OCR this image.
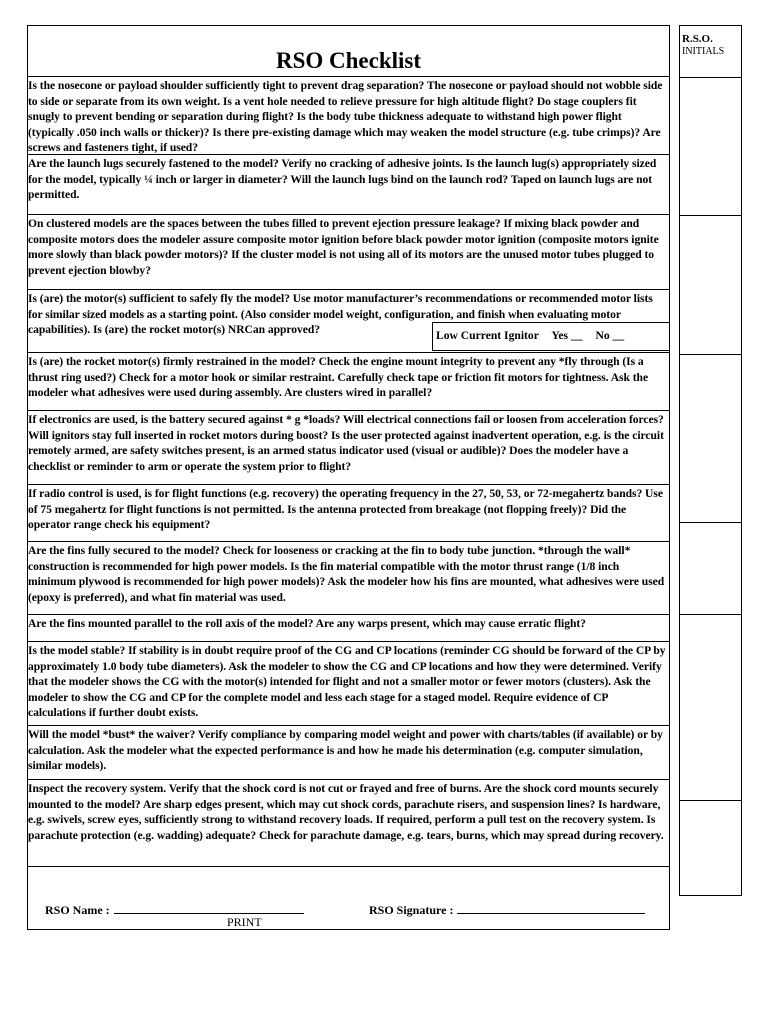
RSO Checklist
R.S.O.
INITIALS
Is the nosecone or payload shoulder sufficiently tight to prevent drag separation? The nosecone or payload should not wobble side to side or separate from its own weight. Is a vent hole needed to relieve pressure for high altitude flight? Do stage couplers fit snugly to prevent bending or separation during flight? Is the body tube thickness adequate to withstand high power flight (typically .050 inch walls or thicker)? Is there pre-existing damage which may weaken the model structure (e.g. tube crimps)? Are screws and fasteners tight, if used?
Are the launch lugs securely fastened to the model? Verify no cracking of adhesive joints. Is the launch lug(s) appropriately sized for the model, typically ¼ inch or larger in diameter? Will the launch lugs bind on the launch rod? Taped on launch lugs are not permitted.
On clustered models are the spaces between the tubes filled to prevent ejection pressure leakage? If mixing black powder and composite motors does the modeler assure composite motor ignition before black powder motor ignition (composite motors ignite more slowly than black powder motors)? If the cluster model is not using all of its motors are the unused motor tubes plugged to prevent ejection blowby?
Is (are) the motor(s) sufficient to safely fly the model? Use motor manufacturer’s recommendations or recommended motor lists for similar sized models as a starting point. (Also consider model weight, configuration, and finish when evaluating motor capabilities). Is (are) the rocket motor(s) NRCan approved?
Is (are) the rocket motor(s) firmly restrained in the model? Check the engine mount integrity to prevent any *fly through (Is a thrust ring used?) Check for a motor hook or similar restraint. Carefully check tape or friction fit motors for tightness. Ask the modeler what adhesives were used during assembly. Are clusters wired in parallel?
If electronics are used, is the battery secured against * g *loads? Will electrical connections fail or loosen from acceleration forces? Will ignitors stay full inserted in rocket motors during boost? Is the user protected against inadvertent operation, e.g. is the circuit remotely armed, are safety switches present, is an armed status indicator used (visual or audible)? Does the modeler have a checklist or reminder to arm or operate the system prior to flight?
If radio control is used, is for flight functions (e.g. recovery) the operating frequency in the 27, 50, 53, or 72-megahertz bands? Use of 75 megahertz for flight functions is not permitted. Is the antenna protected from breakage (not flopping freely)? Did the operator range check his equipment?
Are the fins fully secured to the model? Check for looseness or cracking at the fin to body tube junction. *through the wall* construction is recommended for high power models. Is the fin material compatible with the motor thrust range (1/8 inch minimum plywood is recommended for high power models)? Ask the modeler how his fins are mounted, what adhesives were used (epoxy is preferred), and what fin material was used.
Are the fins mounted parallel to the roll axis of the model? Are any warps present, which may cause erratic flight?
Is the model stable? If stability is in doubt require proof of the CG and CP locations (reminder CG should be forward of the CP by approximately 1.0 body tube diameters). Ask the modeler to show the CG and CP locations and how they were determined. Verify that the modeler shows the CG with the motor(s) intended for flight and not a smaller motor or fewer motors (clusters). Ask the modeler to show the CG and CP for the complete model and less each stage for a staged model. Require evidence of CP calculations if further doubt exists.
Will the model *bust* the waiver? Verify compliance by comparing model weight and power with charts/tables (if available) or by calculation. Ask the modeler what the expected performance is and how he made his determination (e.g. computer simulation, similar models).
Inspect the recovery system. Verify that the shock cord is not cut or frayed and free of burns. Are the shock cord mounts securely mounted to the model? Are sharp edges present, which may cut shock cords, parachute risers, and suspension lines? Is hardware, e.g. swivels, screw eyes, sufficiently strong to withstand recovery loads. If required, perform a pull test on the recovery system. Is parachute protection (e.g. wadding) adequate? Check for parachute damage, e.g. tears, burns, which may spread during recovery.
Low Current Ignitor Yes __ No __
RSO Name :
PRINT
RSO Signature :
